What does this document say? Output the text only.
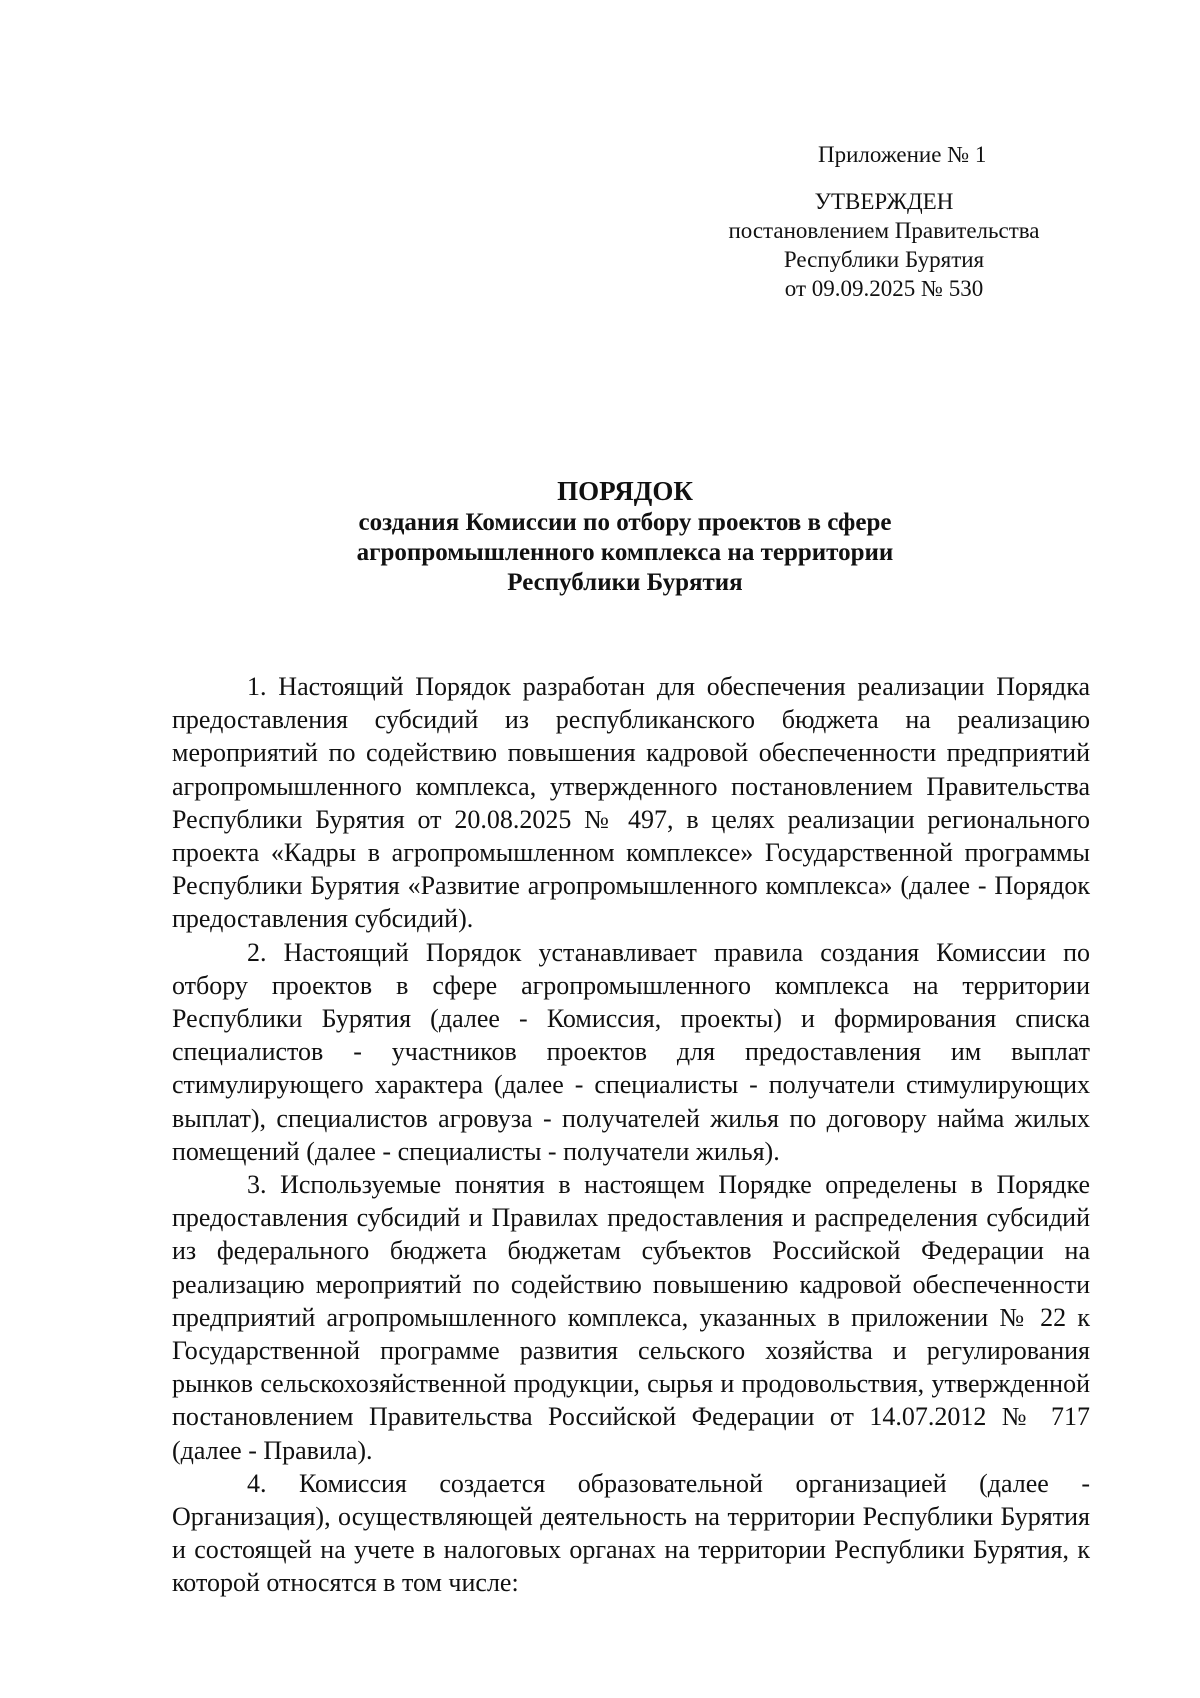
Приложение № 1
УТВЕРЖДЕН
постановлением Правительства
Республики Бурятия
от 09.09.2025 № 530
ПОРЯДОК
создания Комиссии по отбору проектов в сфере
агропромышленного комплекса на территории
Республики Бурятия

1. Настоящий Порядок разработан для обеспечения реализации Порядка предоставления субсидий из республиканского бюджета на реализацию мероприятий по содействию повышения кадровой обеспеченности предприятий агропромышленного комплекса, утвержденного постановлением Правительства Республики Бурятия от 20.08.2025 № 497, в целях реализации регионального проекта «Кадры в агропромышленном комплексе» Государственной программы Республики Бурятия «Развитие агропромышленного комплекса» (далее - Порядок предоставления субсидий).

2. Настоящий Порядок устанавливает правила создания Комиссии по отбору проектов в сфере агропромышленного комплекса на территории Республики Бурятия (далее - Комиссия, проекты) и формирования списка специалистов - участников проектов для предоставления им выплат стимулирующего характера (далее - специалисты - получатели стимулирующих выплат), специалистов агровуза - получателей жилья по договору найма жилых помещений (далее - специалисты - получатели жилья).

3. Используемые понятия в настоящем Порядке определены в Порядке предоставления субсидий и Правилах предоставления и распределения субсидий из федерального бюджета бюджетам субъектов Российской Федерации на реализацию мероприятий по содействию повышению кадровой обеспеченности предприятий агропромышленного комплекса, указанных в приложении № 22 к Государственной программе развития сельского хозяйства и регулирования рынков сельскохозяйственной продукции, сырья и продовольствия, утвержденной постановлением Правительства Российской Федерации от 14.07.2012 № 717 (далее - Правила).

4. Комиссия создается образовательной организацией (далее - Организация), осуществляющей деятельность на территории Республики Бурятия и состоящей на учете в налоговых органах на территории Республики Бурятия, к которой относятся в том числе:
